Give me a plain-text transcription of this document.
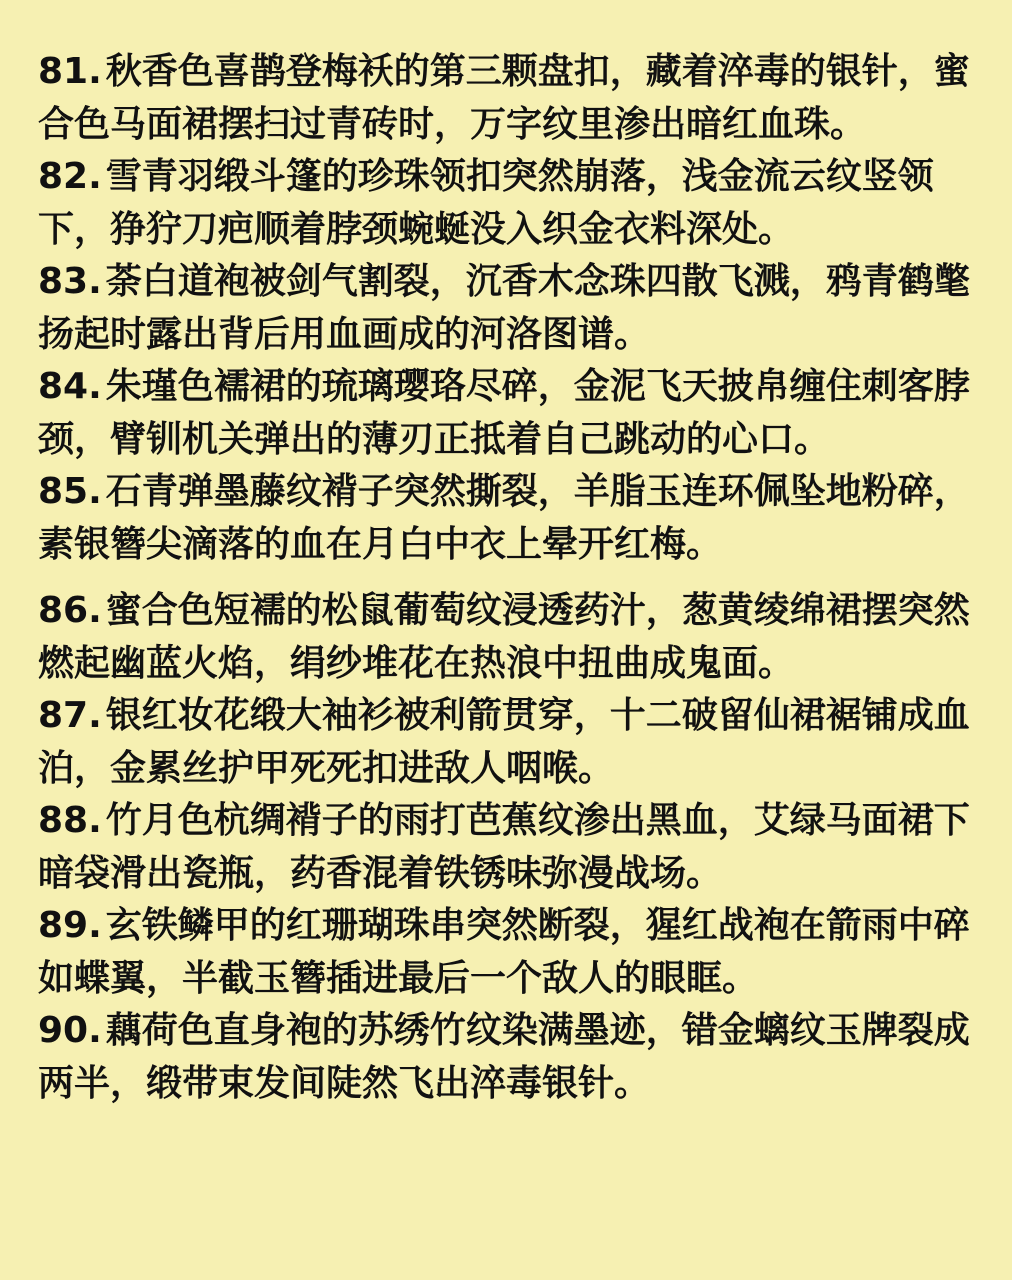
81. 秋香色喜鹊登梅袄的第三颗盘扣，藏着淬毒的银针，蜜合色马面裙摆扫过青砖时，万字纹里渗出暗红血珠。

82. 雪青羽缎斗篷的珍珠领扣突然崩落，浅金流云纹竖领下，狰狞刀疤顺着脖颈蜿蜒没入织金衣料深处。

83. 荼白道袍被剑气割裂，沉香木念珠四散飞溅，鸦青鹤氅扬起时露出背后用血画成的河洛图谱。

84. 朱瑾色襦裙的琉璃璎珞尽碎，金泥飞天披帛缠住刺客脖颈，臂钏机关弹出的薄刃正抵着自己跳动的心口。

85. 石青弹墨藤纹褙子突然撕裂，羊脂玉连环佩坠地粉碎，素银簪尖滴落的血在月白中衣上晕开红梅。

86. 蜜合色短襦的松鼠葡萄纹浸透药汁，葱黄绫绵裙摆突然燃起幽蓝火焰，绢纱堆花在热浪中扭曲成鬼面。

87. 银红妆花缎大袖衫被利箭贯穿，十二破留仙裙裾铺成血泊，金累丝护甲死死扣进敌人咽喉。

88. 竹月色杭绸褙子的雨打芭蕉纹渗出黑血，艾绿马面裙下暗袋滑出瓷瓶，药香混着铁锈味弥漫战场。

89. 玄铁鳞甲的红珊瑚珠串突然断裂，猩红战袍在箭雨中碎如蝶翼，半截玉簪插进最后一个敌人的眼眶。

90. 藕荷色直身袍的苏绣竹纹染满墨迹，错金螭纹玉牌裂成两半，缎带束发间陡然飞出淬毒银针。
